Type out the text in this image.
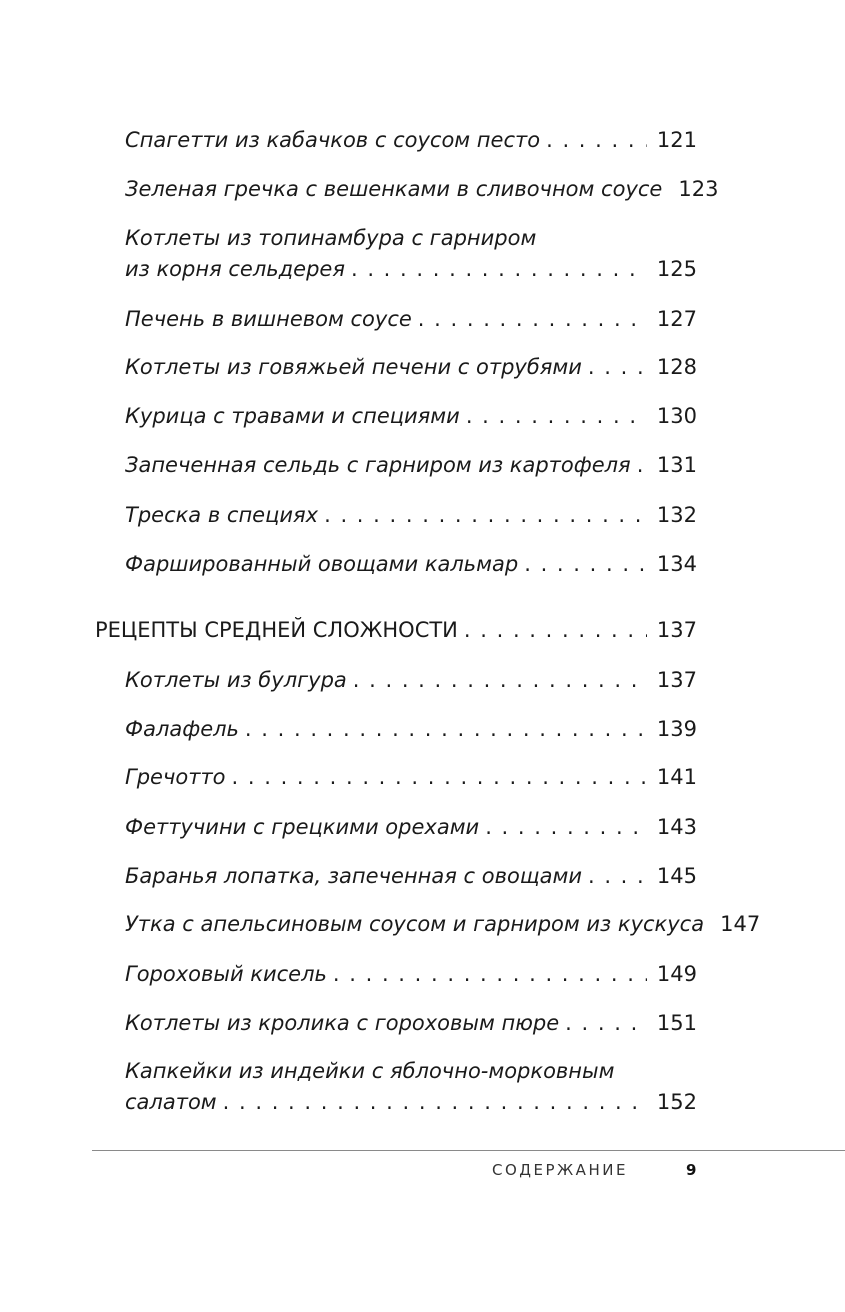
Спагетти из кабачков с соусом песто . . .	121
Зеленая гречка с вешенками в сливочном соусе 123
Котлеты из топинамбура с гарниром
из корня сельдерея . . .	125
Печень в вишневом соусе . . .	127
Котлеты из говяжьей печени с отрубями . . .	128
Курица с травами и специями . . .	130
Запеченная сельдь с гарниром из картофеля . . . 131
Треска в специях . . .	132
Фаршированный овощами кальмар . . .	134
РЕЦЕПТЫ СРЕДНЕЙ СЛОЖНОСТИ . . .	137
Котлеты из булгура . . .	137
Фалафель . . .	139
Гречотто . . .	141
Феттучини с грецкими орехами . . .	143
Баранья лопатка, запеченная с овощами . . .	145
Утка с апельсиновым соусом и гарниром из кускуса 147
Гороховый кисель . . .	149
Котлеты из кролика с гороховым пюре . . .	151
Капкейки из индейки с яблочно-морковным
салатом . . .	152
СОДЕРЖАНИЕ	9
